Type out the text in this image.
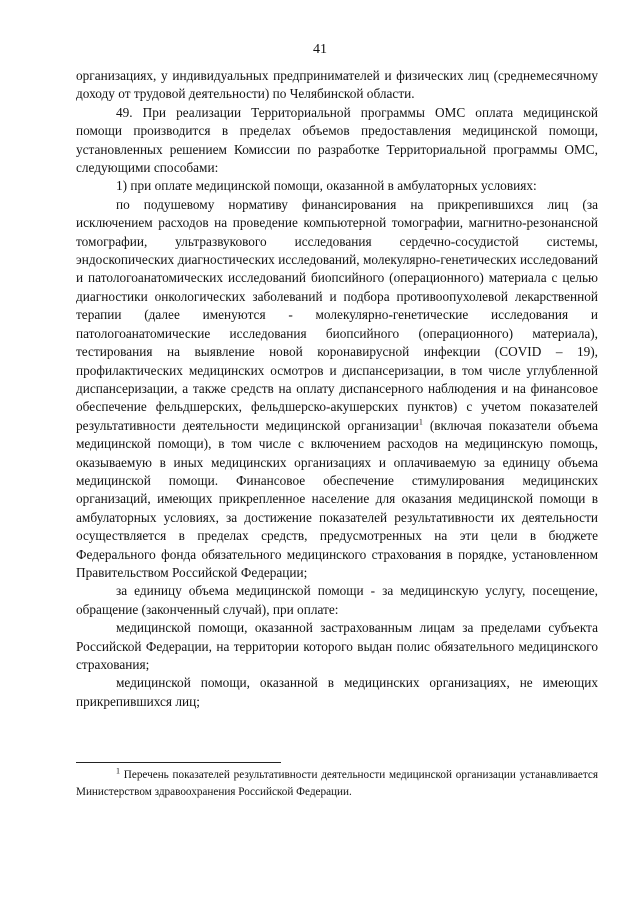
41

организациях, у индивидуальных предпринимателей и физических лиц (среднемесячному доходу от трудовой деятельности) по Челябинской области.

49. При реализации Территориальной программы ОМС оплата медицинской помощи производится в пределах объемов предоставления медицинской помощи, установленных решением Комиссии по разработке Территориальной программы ОМС, следующими способами:

1) при оплате медицинской помощи, оказанной в амбулаторных условиях:

по подушевому нормативу финансирования на прикрепившихся лиц (за исключением расходов на проведение компьютерной томографии, магнитно-резонансной томографии, ультразвукового исследования сердечно-сосудистой системы, эндоскопических диагностических исследований, молекулярно-генетических исследований и патологоанатомических исследований биопсийного (операционного) материала с целью диагностики онкологических заболеваний и подбора противоопухолевой лекарственной терапии (далее именуются - молекулярно-генетические исследования и патологоанатомические исследования биопсийного (операционного) материала), тестирования на выявление новой коронавирусной инфекции (COVID – 19), профилактических медицинских осмотров и диспансеризации, в том числе углубленной диспансеризации, а также средств на оплату диспансерного наблюдения и на финансовое обеспечение фельдшерских, фельдшерско-акушерских пунктов) с учетом показателей результативности деятельности медицинской организации$^1$ (включая показатели объема медицинской помощи), в том числе с включением расходов на медицинскую помощь, оказываемую в иных медицинских организациях и оплачиваемую за единицу объема медицинской помощи. Финансовое обеспечение стимулирования медицинских организаций, имеющих прикрепленное население для оказания медицинской помощи в амбулаторных условиях, за достижение показателей результативности их деятельности осуществляется в пределах средств, предусмотренных на эти цели в бюджете Федерального фонда обязательного медицинского страхования в порядке, установленном Правительством Российской Федерации;

за единицу объема медицинской помощи - за медицинскую услугу, посещение, обращение (законченный случай), при оплате:

медицинской помощи, оказанной застрахованным лицам за пределами субъекта Российской Федерации, на территории которого выдан полис обязательного медицинского страхования;

медицинской помощи, оказанной в медицинских организациях, не имеющих прикрепившихся лиц;

$^1$ Перечень показателей результативности деятельности медицинской организации устанавливается Министерством здравоохранения Российской Федерации.
